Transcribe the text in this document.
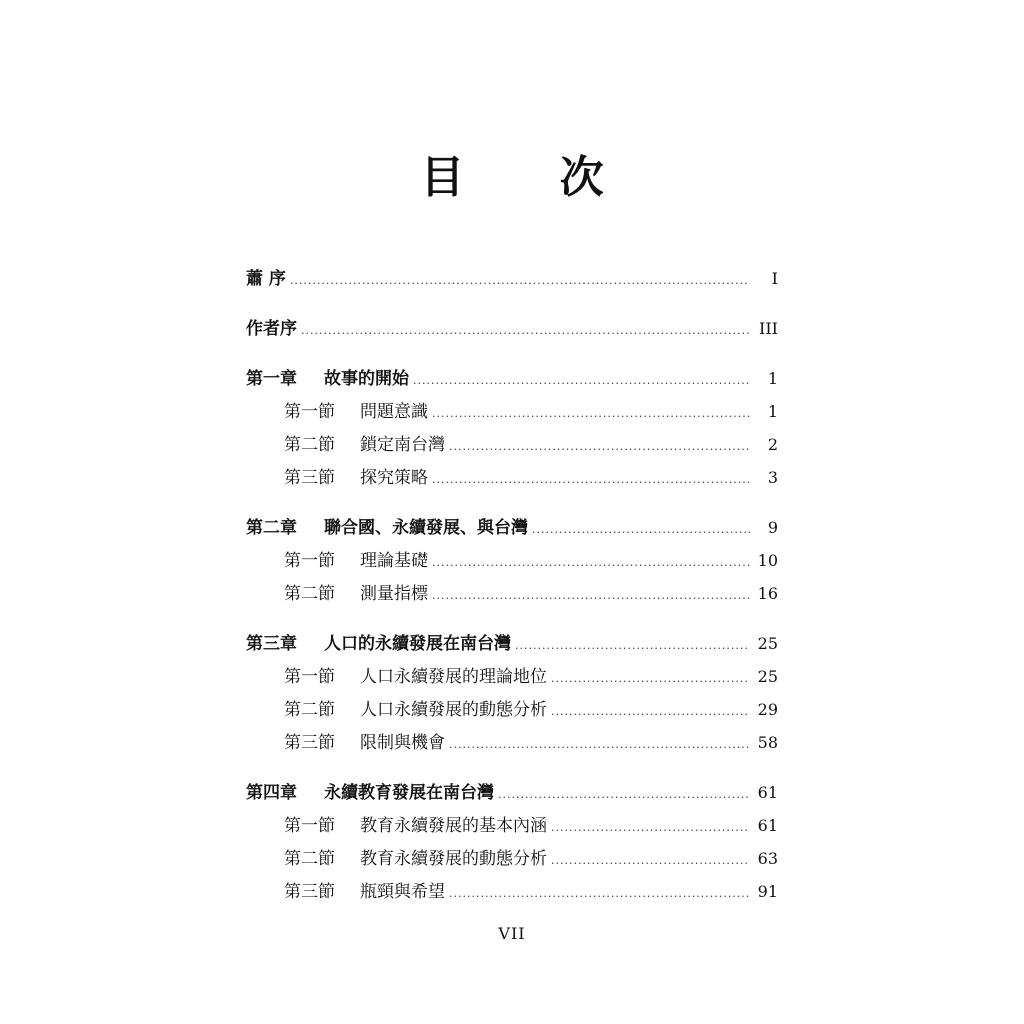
目 次
蕭 序 .....	I
作者序 .....	III
第一章	故事的開始 .....	1
第一節	問題意識 .....	1
第二節	鎖定南台灣 .....	2
第三節	探究策略 .....	3
第二章	聯合國、永續發展、與台灣 .....	9
第一節	理論基礎 .....	10
第二節	測量指標 .....	16
第三章	人口的永續發展在南台灣 .....	25
第一節	人口永續發展的理論地位 .....	25
第二節	人口永續發展的動態分析 .....	29
第三節	限制與機會 .....	58
第四章	永續教育發展在南台灣 .....	61
第一節	教育永續發展的基本內涵 .....	61
第二節	教育永續發展的動態分析 .....	63
第三節	瓶頸與希望 .....	91
VII
